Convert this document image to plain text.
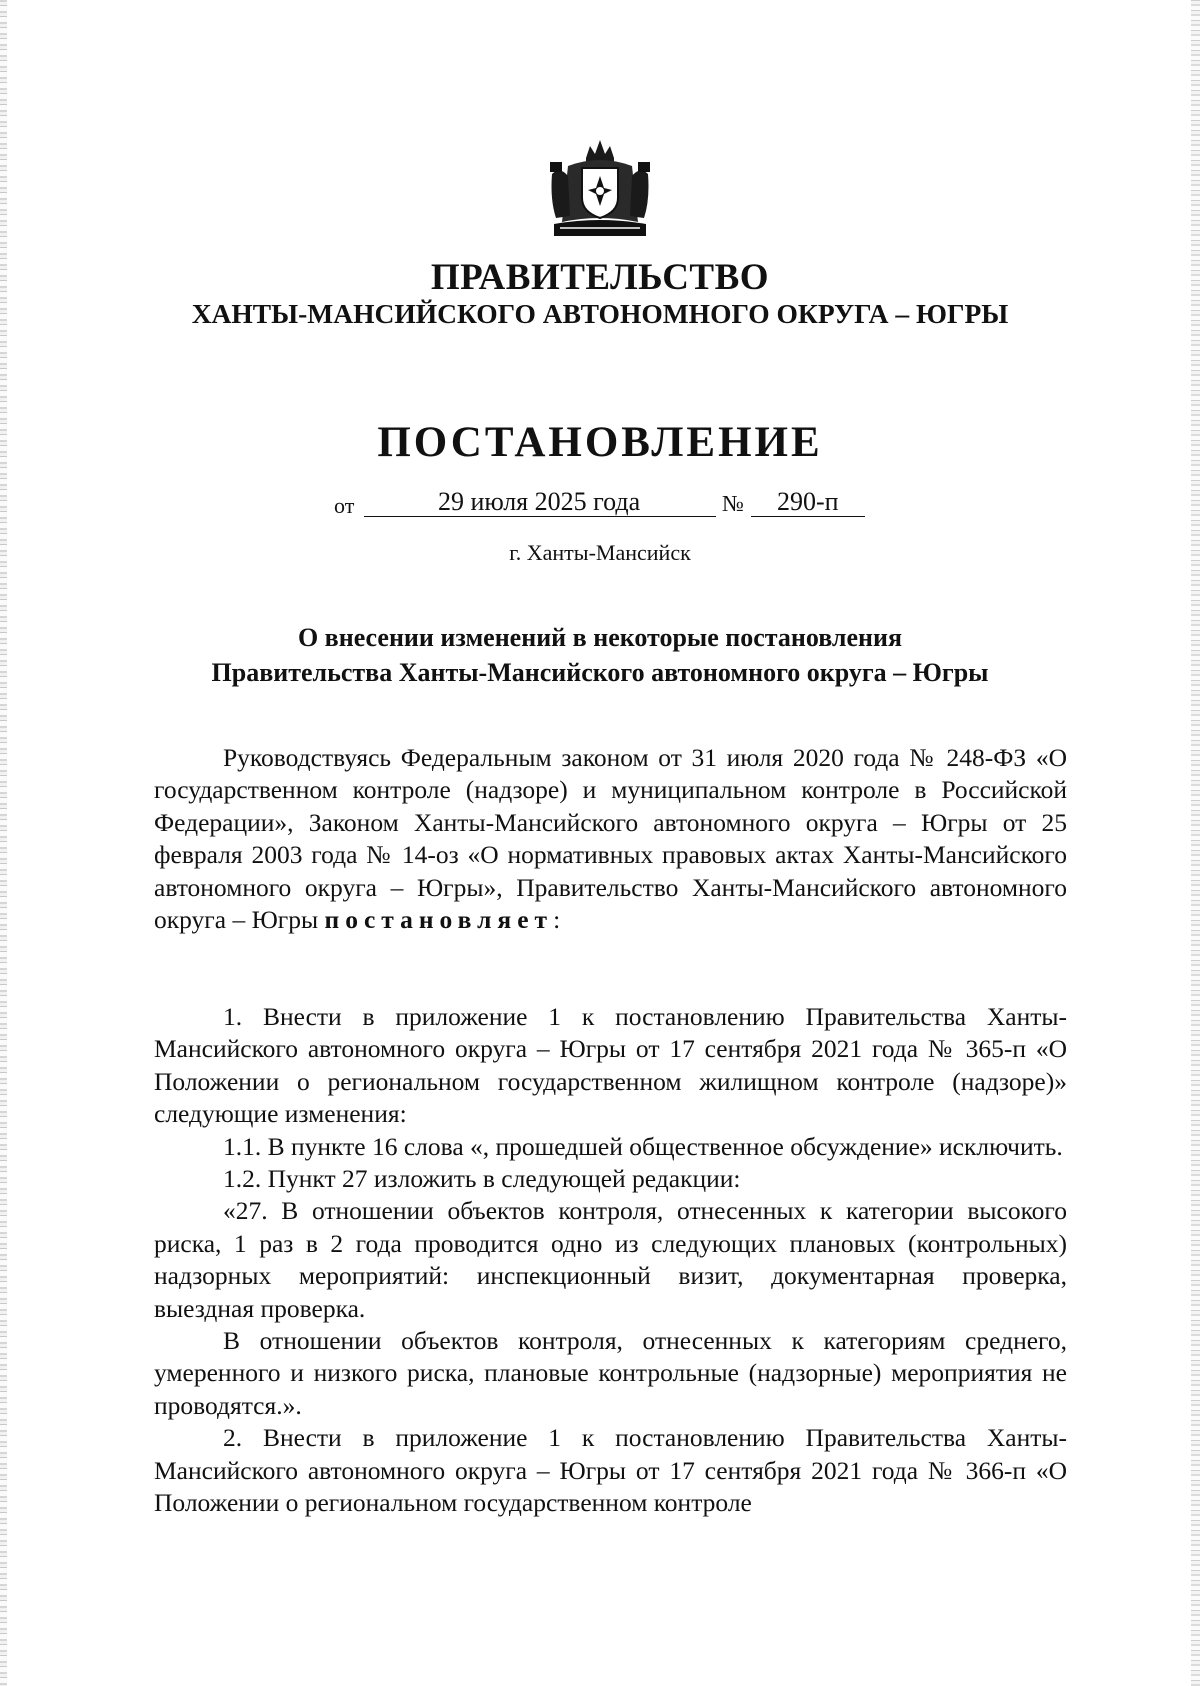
ПРАВИТЕЛЬСТВО
ХАНТЫ-МАНСИЙСКОГО АВТОНОМНОГО ОКРУГА – ЮГРЫ
ПОСТАНОВЛЕНИЕ
от	29 июля 2025 года	№ 290-п
г. Ханты-Мансийск
О внесении изменений в некоторые постановления
Правительства Ханты-Мансийского автономного округа – Югры

Руководствуясь Федеральным законом от 31 июля 2020 года № 248-ФЗ «О государственном контроле (надзоре) и муниципальном контроле в Российской Федерации», Законом Ханты-Мансийского автономного округа – Югры от 25 февраля 2003 года № 14-оз «О нормативных правовых актах Ханты-Мансийского автономного округа – Югры», Правительство Ханты-Мансийского автономного округа – Югры постановляет:

1. Внести в приложение 1 к постановлению Правительства Ханты-Мансийского автономного округа – Югры от 17 сентября 2021 года № 365-п «О Положении о региональном государственном жилищном контроле (надзоре)» следующие изменения:

1.1. В пункте 16 слова «, прошедшей общественное обсуждение» исключить.

1.2. Пункт 27 изложить в следующей редакции:

«27. В отношении объектов контроля, отнесенных к категории высокого риска, 1 раз в 2 года проводится одно из следующих плановых (контрольных) надзорных мероприятий: инспекционный визит, документарная проверка, выездная проверка.

В отношении объектов контроля, отнесенных к категориям среднего, умеренного и низкого риска, плановые контрольные (надзорные) мероприятия не проводятся.».

2. Внести в приложение 1 к постановлению Правительства Ханты-Мансийского автономного округа – Югры от 17 сентября 2021 года № 366-п «О Положении о региональном государственном контроле
